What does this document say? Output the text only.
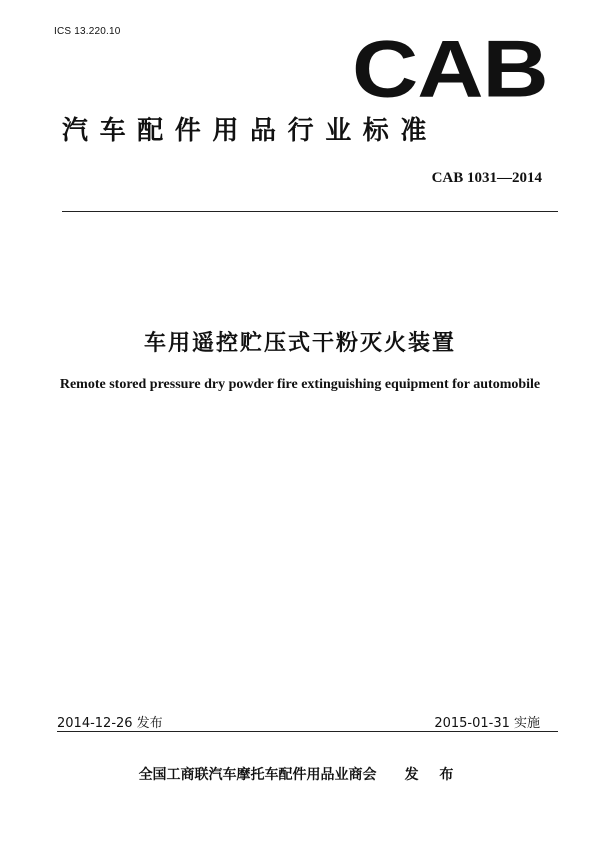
ICS 13.220.10	CAB
汽车配件用品行业标准
CAB 1031—2014
车用遥控贮压式干粉灭火装置
Remote stored pressure dry powder fire extinguishing equipment for automobile
2014-12-26 发布	2015-01-31 实施
全国工商联汽车摩托车配件用品业商会 发 布
